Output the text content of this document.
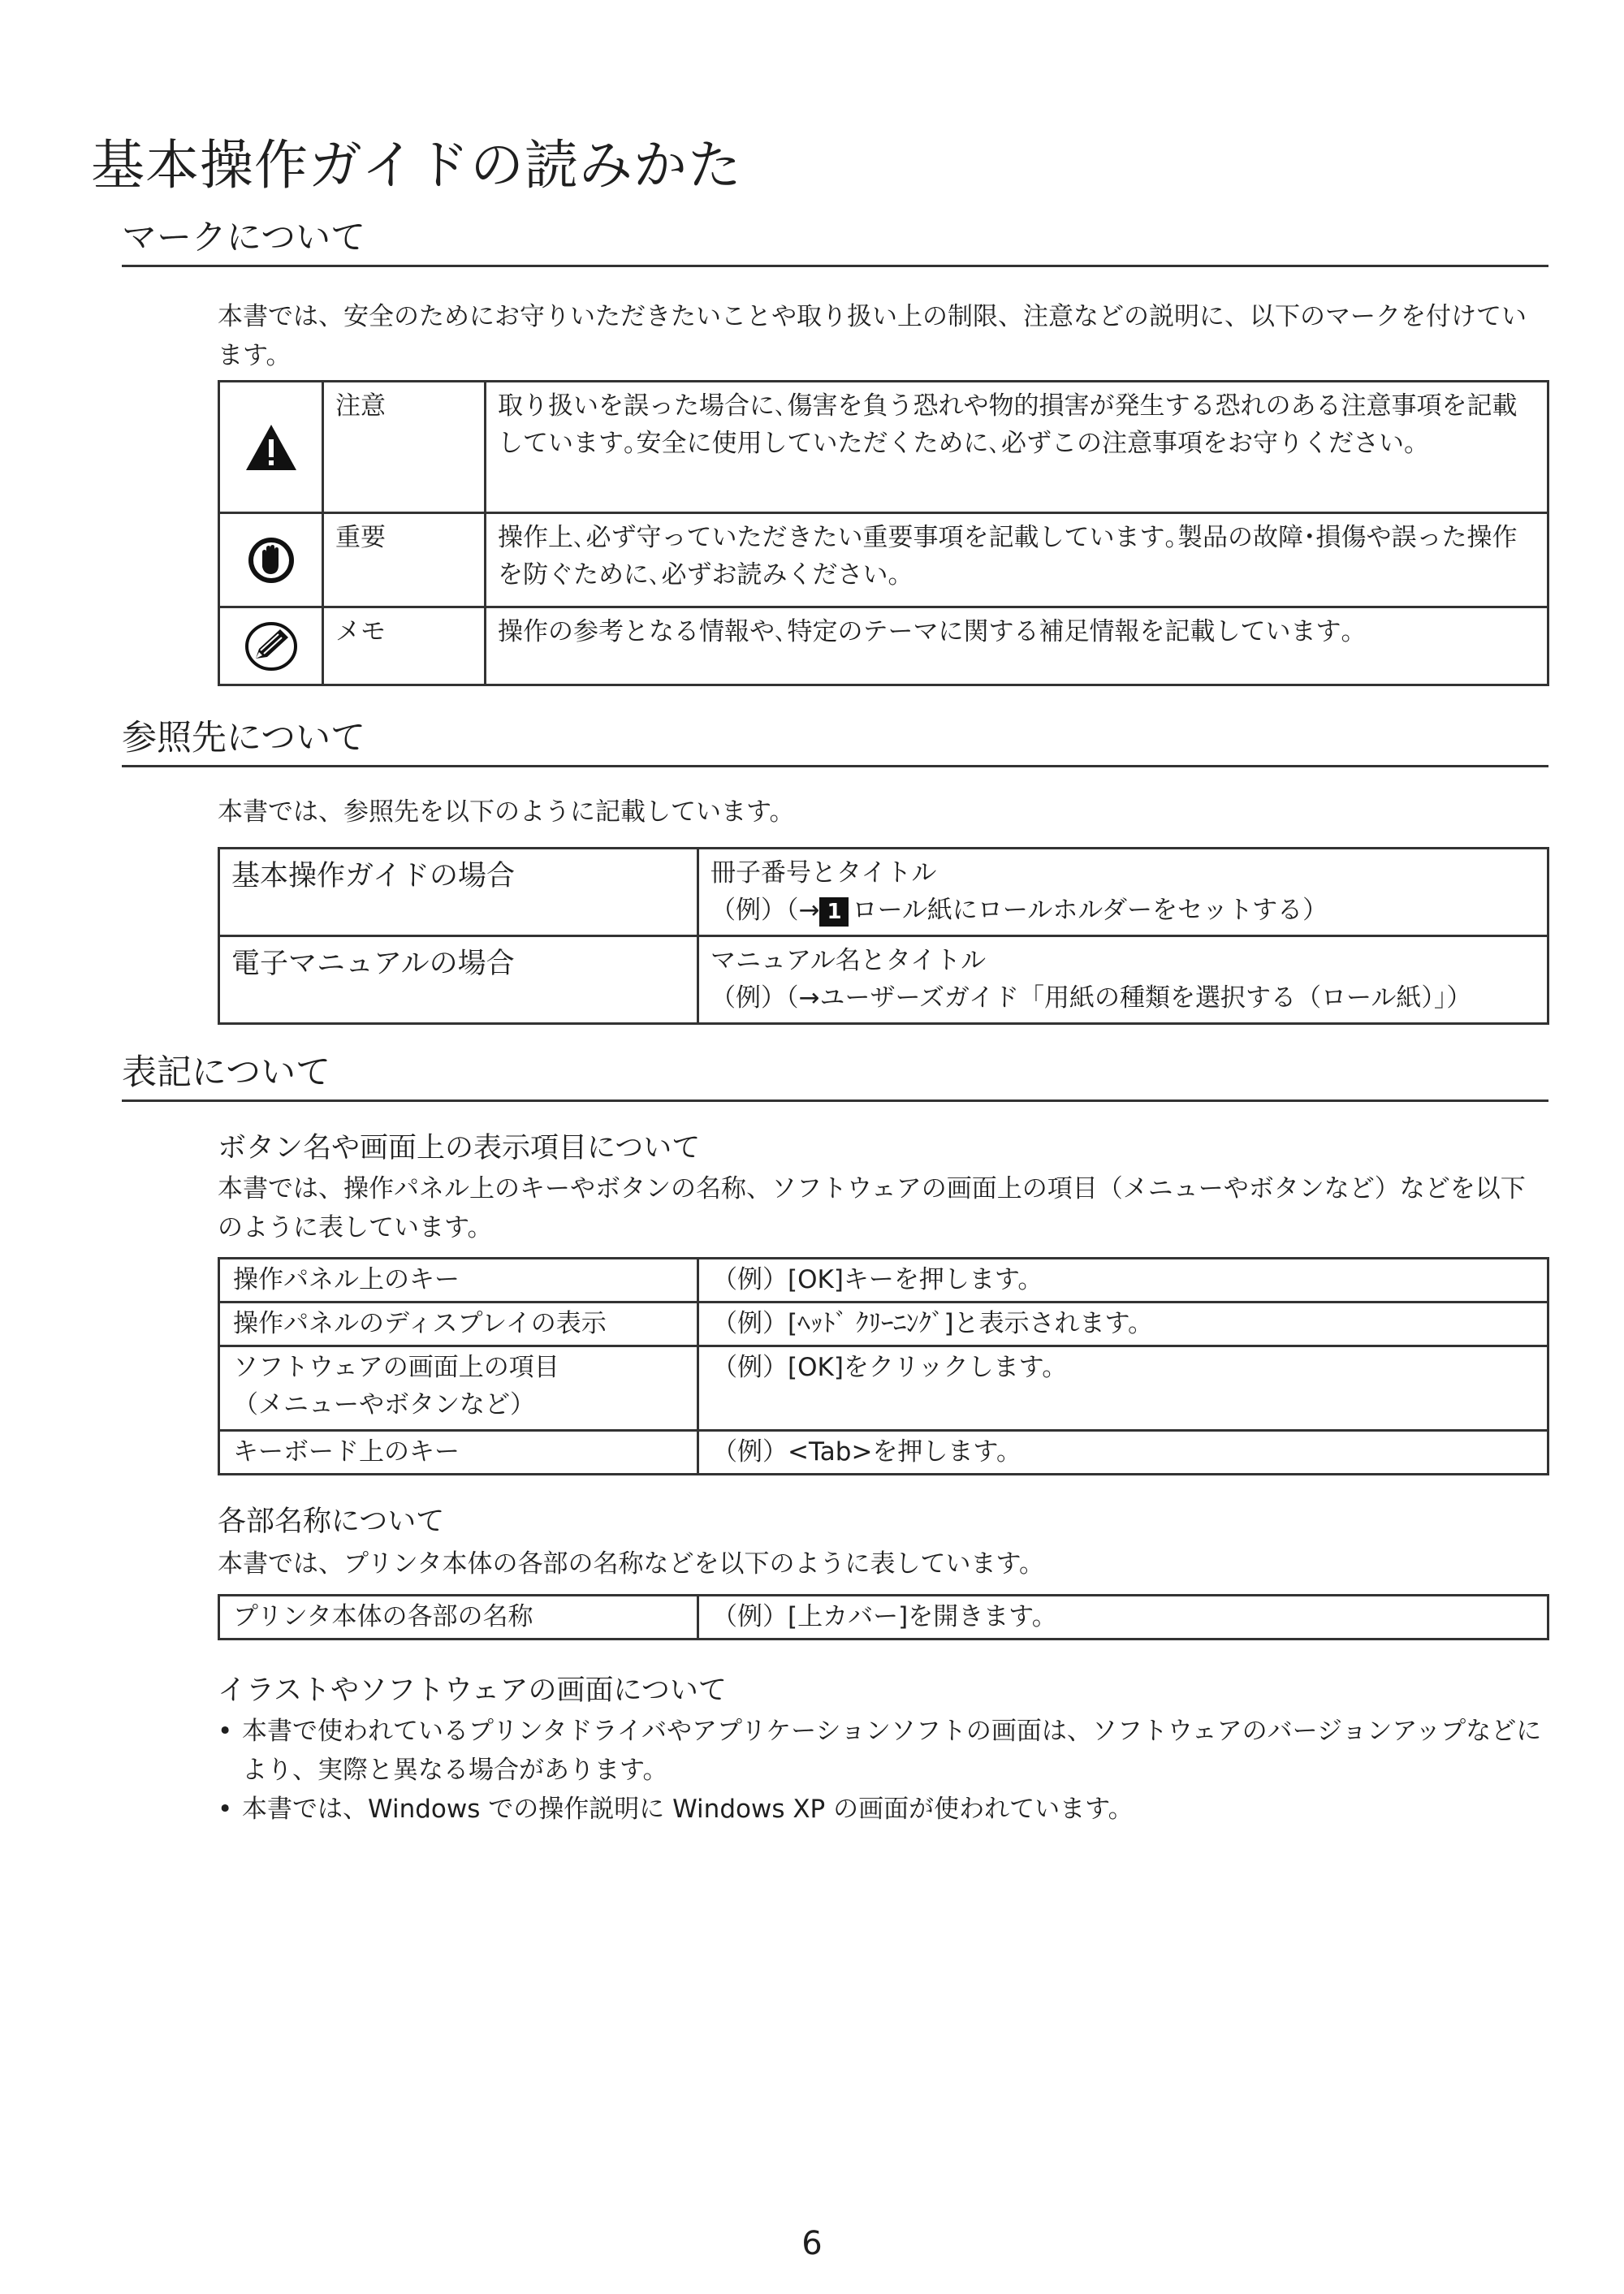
基本操作ガイドの読みかた
マークについて
本書では、安全のためにお守りいただきたいことや取り扱い上の制限、注意などの説明に、以下のマークを付けています。
	注意	取り扱いを誤った場合に､傷害を負う恐れや物的損害が発生する恐れのある注意事項を記載しています｡安全に使用していただくために､必ずこの注意事項をお守りください｡

	重要	操作上､必ず守っていただきたい重要事項を記載しています｡製品の故障･損傷や誤った操作を防ぐために､必ずお読みください｡

	メモ	操作の参考となる情報や､特定のテーマに関する補足情報を記載しています｡
参照先について
本書では、参照先を以下のように記載しています。
基本操作ガイドの場合	冊子番号とタイトル
（例）（→ 1 ロール紙にロールホルダーをセットする）

電子マニュアルの場合	マニュアル名とタイトル
（例）（→ユーザーズガイド「用紙の種類を選択する（ロール紙）」）
表記について
ボタン名や画面上の表示項目について
本書では、操作パネル上のキーやボタンの名称、ソフトウェアの画面上の項目（メニューやボタンなど）などを以下のように表しています。
操作パネル上のキー	（例）[OK]キーを押します。
操作パネルのディスプレイの表示	（例）[ﾍｯﾄﾞ ｸﾘｰﾆﾝｸﾞ]と表示されます。

ソフトウェアの画面上の項目
（メニューやボタンなど）	（例）[OK]をクリックします。
キーボード上のキー	（例）<Tab>を押します。
各部名称について
本書では、プリンタ本体の各部の名称などを以下のように表しています。
プリンタ本体の各部の名称	（例）[上カバー]を開きます。
イラストやソフトウェアの画面について
• 本書で使われているプリンタドライバやアプリケーションソフトの画面は、ソフトウェアのバージョンアップなどにより、実際と異なる場合があります。
• 本書では、Windows での操作説明に Windows XP の画面が使われています。
6
